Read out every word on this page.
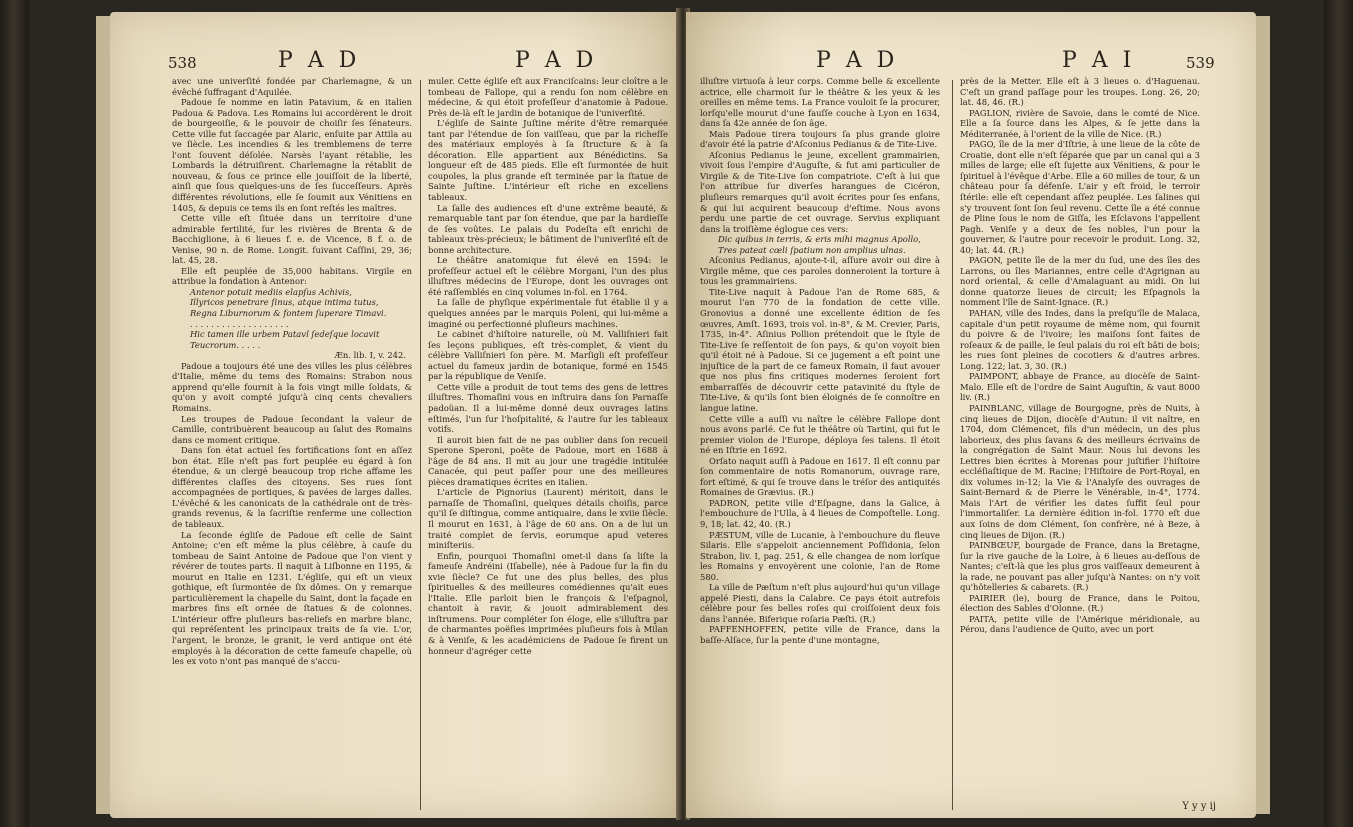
538	P A D	P A D

avec une univerſité fondée par Charlemagne, & un évêché ſuffragant d'Aquilée.

Padoue ſe nomme en latin Patavium, & en italien Padoua & Padova. Les Romains lui accordèrent le droit de bourgeoiſie, & le pouvoir de choiſir ſes ſénateurs. Cette ville fut ſaccagée par Alaric, enſuite par Attila au ve ſiècle. Les incendies & les tremblemens de terre l'ont ſouvent déſolée. Narsès l'ayant rétablie, les Lombards la détruiſirent. Charlemagne la rétablit de nouveau, & ſous ce prince elle jouiſſoit de la liberté, ainſi que ſous quelques-uns de ſes ſucceſſeurs. Après différentes révolutions, elle ſe ſoumit aux Vénitiens en 1405, & depuis ce tems ils en ſont reſtés les maîtres.

Cette ville eſt ſituée dans un territoire d'une admirable fertilité, ſur les rivières de Brenta & de Bacchiglione, à 6 lieues f. e. de Vicence, 8 f. o. de Venise, 90 n. de Rome. Longit. ſuivant Caſſini, 29, 36; lat. 45, 28.

Elle eſt peuplée de 35,000 habitans. Virgile en attribue la fondation à Antenor:

Antenor potuit mediis elapſus Achivis,

Illyricos penetrare ſinus, atque intima tutus,

Regna Liburnorum & fontem ſuperare Timavi.

. . . . . . . . . . . . . . . . . . .

Hic tamen ille urbem Patavî ſedeſque locavit

Teucrorum. . . . .

Æn. lib. I, v. 242.

Padoue a toujours été une des villes les plus célèbres d'Italie, même du tems des Romains: Strabon nous apprend qu'elle fournit à la fois vingt mille ſoldats, & qu'on y avoit compté juſqu'à cinq cents chevaliers Romains.

Les troupes de Padoue ſecondant la valeur de Camille, contribuèrent beaucoup au ſalut des Romains dans ce moment critique.

Dans ſon état actuel ſes fortifications ſont en aſſez bon état. Elle n'eſt pas fort peuplée eu égard à ſon étendue, & un clergé beaucoup trop riche affame les différentes claſſes des citoyens. Ses rues ſont accompagnées de portiques, & pavées de larges dalles. L'évêché & les canonicats de la cathédrale ont de très-grands revenus, & la ſacriſtie renferme une collection de tableaux.

La ſeconde égliſe de Padoue eſt celle de Saint Antoine; c'en eſt même la plus célèbre, à cauſe du tombeau de Saint Antoine de Padoue que l'on vient y révérer de toutes parts. Il naquit à Liſbonne en 1195, & mourut en Italie en 1231. L'égliſe, qui eſt un vieux gothique, eſt ſurmontée de ſix dômes. On y remarque particulièrement la chapelle du Saint, dont la façade en marbres fins eſt ornée de ſtatues & de colonnes. L'intérieur offre pluſieurs bas-reliefs en marbre blanc, qui repréſentent les principaux traits de ſa vie. L'or, l'argent, le bronze, le granit, le verd antique ont été employés à la décoration de cette fameuſe chapelle, où les ex voto n'ont pas manqué de s'accu-

muler. Cette égliſe eſt aux Franciſcains: leur cloître a le tombeau de Fallope, qui a rendu ſon nom célèbre en médecine, & qui étoit profeſſeur d'anatomie à Padoue. Près de-là eſt le jardin de botanique de l'univerſité.

L'égliſe de Sainte Juſtine mérite d'être remarquée tant par l'étendue de ſon vaiſſeau, que par la richeſſe des matériaux employés à ſa ſtructure & à ſa décoration. Elle appartient aux Bénédictins. Sa longueur eſt de 485 pieds. Elle eſt ſurmontée de huit coupoles, la plus grande eſt terminée par la ſtatue de Sainte Juſtine. L'intérieur eſt riche en excellens tableaux.

La ſalle des audiences eſt d'une extrême beauté, & remarquable tant par ſon étendue, que par la hardieſſe de ſes voûtes. Le palais du Podeſta eſt enrichi de tableaux très-précieux; le bâtiment de l'univerſité eſt de bonne architecture.

Le théâtre anatomique fut élevé en 1594: le profeſſeur actuel eſt le célèbre Morgani, l'un des plus illuſtres médecins de l'Europe, dont les ouvrages ont été raſſemblés en cinq volumes in-fol. en 1764.

La ſalle de phyſique expérimentale fut établie il y a quelques années par le marquis Poleni, qui lui-même a imaginé ou perfectionné pluſieurs machines.

Le cabinet d'hiſtoire naturelle, où M. Valliſnieri fait ſes leçons publiques, eſt très-complet, & vient du célèbre Valliſnieri ſon père. M. Marſigli eſt profeſſeur actuel du fameux jardin de botanique, formé en 1545 par la république de Veniſe.

Cette ville a produit de tout tems des gens de lettres illuſtres. Thomaſini vous en inſtruira dans ſon Parnaſſe padoüan. Il a lui-même donné deux ouvrages latins eſtimés, l'un ſur l'hoſpitalité, & l'autre ſur les tableaux votifs.

Il auroit bien fait de ne pas oublier dans ſon recueil Sperone Speroni, poëte de Padoue, mort en 1688 à l'âge de 84 ans. Il mit au jour une tragédie intitulée Canacée, qui peut paſſer pour une des meilleures pièces dramatiques écrites en italien.

L'article de Pignorius (Laurent) méritoit, dans le parnaſſe de Thomaſini, quelques détails choiſis, parce qu'il ſe diſtingua, comme antiquaire, dans le xviie ſiècle. Il mourut en 1631, à l'âge de 60 ans. On a de lui un traité complet de ſervis, eorumque apud veteres miniſteriis.

Enfin, pourquoi Thomaſini omet-il dans ſa liſte la fameuſe Andréini (Iſabelle), née à Padoue ſur la fin du xvie ſiècle? Ce fut une des plus belles, des plus ſpirituelles & des meilleures comédiennes qu'ait eues l'Italie. Elle parloit bien le françois & l'eſpagnol, chantoit à ravir, & jouoit admirablement des inſtrumens. Pour compléter ſon éloge, elle s'illuſtra par de charmantes poëſies imprimées pluſieurs fois à Milan & à Veniſe, & les académiciens de Padoue ſe firent un honneur d'agréger cette

P A D	P A I	539

illuſtre virtuoſa à leur corps. Comme belle & excellente actrice, elle charmoit ſur le théâtre & les yeux & les oreilles en même tems. La France vouloit ſe la procurer, lorſqu'elle mourut d'une fauſſe couche à Lyon en 1634, dans ſa 42e année de ſon âge.

Mais Padoue tirera toujours ſa plus grande gloire d'avoir été la patrie d'Aſconius Pedianus & de Tite-Live.

Aſconius Pedianus le jeune, excellent grammairien, vivoit ſous l'empire d'Auguſte, & fut ami particulier de Virgile & de Tite-Live ſon compatriote. C'eſt à lui que l'on attribue ſur diverſes harangues de Cicéron, pluſieurs remarques qu'il avoit écrites pour ſes enfans, & qui lui acquirent beaucoup d'eſtime. Nous avons perdu une partie de cet ouvrage. Servius expliquant dans la troiſième églogue ces vers:

Dic quibus in terris, & eris mihi magnus Apollo,

Tres pateat cœli ſpatium non amplius ulnas.

Aſconius Pedianus, ajoute-t-il, aſſure avoir oui dire à Virgile même, que ces paroles donneroient la torture à tous les grammairiens.

Tite-Live naquit à Padoue l'an de Rome 685, & mourut l'an 770 de la fondation de cette ville. Gronovius a donné une excellente édition de ſes œuvres, Amſt. 1693, trois vol. in-8°, & M. Crevier, Paris, 1735, in-4°. Aſinius Pollion prétendoit que le ſtyle de Tite-Live ſe reſſentoit de ſon pays, & qu'on voyoit bien qu'il étoit né à Padoue. Si ce jugement a eſt point une injuſtice de la part de ce fameux Romain, il faut avouer que nos plus fins critiques modernes ſeroient fort embarraſſés de découvrir cette patavinité du ſtyle de Tite-Live, & qu'ils ſont bien éloignés de ſe connoître en langue latine.

Cette ville a auſſi vu naître le célèbre Fallope dont nous avons parlé. Ce fut le théâtre où Tartini, qui fut le premier violon de l'Europe, déploya ſes talens. Il étoit né en Iſtrie en 1692.

Orſato naquit auſſi à Padoue en 1617. Il eſt connu par ſon commentaire de notis Romanorum, ouvrage rare, fort eſtimé, & qui ſe trouve dans le tréſor des antiquités Romaines de Grævius. (R.)

PADRON, petite ville d'Eſpagne, dans la Galice, à l'embouchure de l'Ulla, à 4 lieues de Compoſtelle. Long. 9, 18; lat. 42, 40. (R.)

PÆSTUM, ville de Lucanie, à l'embouchure du fleuve Silaris. Elle s'appeloit anciennement Poſſidonia, ſelon Strabon, liv. I, pag. 251, & elle changea de nom lorſque les Romains y envoyèrent une colonie, l'an de Rome 580.

La ville de Pæſtum n'eſt plus aujourd'hui qu'un village appelé Piesti, dans la Calabre. Ce pays étoit autrefois célèbre pour ſes belles roſes qui croiſſoient deux fois dans l'année. Biferique roſaria Pæſti. (R.)

PAFFENHOFFEN, petite ville de France, dans la baſſe-Alſace, ſur la pente d'une montagne,

près de la Metter. Elle eſt à 3 lieues o. d'Haguenau. C'eſt un grand paſſage pour les troupes. Long. 26, 20; lat. 48, 46. (R.)

PAGLION, rivière de Savoie, dans le comté de Nice. Elle a ſa ſource dans les Alpes, & ſe jette dans la Méditerranée, à l'orient de la ville de Nice. (R.)

PAGO, île de la mer d'Iſtrie, à une lieue de la côte de Croatie, dont elle n'eſt ſéparée que par un canal qui a 3 milles de large; elle eſt ſujette aux Vénitiens, & pour le ſpirituel à l'évêque d'Arbe. Elle a 60 milles de tour, & un château pour ſa défenſe. L'air y eſt froid, le terroir ſtérile: elle eſt cependant aſſez peuplée. Les ſalines qui s'y trouvent ſont ſon ſeul revenu. Cette île a été connue de Pline ſous le nom de Giſſa, les Eſclavons l'appellent Pagh. Veniſe y a deux de ſes nobles, l'un pour la gouverner, & l'autre pour recevoir le produit. Long. 32, 40; lat. 44. (R.)

PAGON, petite île de la mer du ſud, une des îles des Larrons, ou îles Mariannes, entre celle d'Agrignan au nord oriental, & celle d'Amalaguant au midi. On lui donne quatorze lieues de circuit; les Eſpagnols la nomment l'île de Saint-Ignace. (R.)

PAHAN, ville des Indes, dans la preſqu'île de Malaca, capitale d'un petit royaume de même nom, qui fournit du poivre & de l'ivoire; les maiſons ſont faites de roſeaux & de paille, le ſeul palais du roi eſt bâti de bois; les rues ſont pleines de cocotiers & d'autres arbres. Long. 122; lat. 3, 30. (R.)

PAIMPONT, abbaye de France, au diocèſe de Saint-Malo. Elle eſt de l'ordre de Saint Auguſtin, & vaut 8000 liv. (R.)

PAINBLANC, village de Bourgogne, près de Nuits, à cinq lieues de Dijon, diocèſe d'Autun: il vit naître, en 1704, dom Clémencet, fils d'un médecin, un des plus laborieux, des plus ſavans & des meilleurs écrivains de la congrégation de Saint Maur. Nous lui devons les Lettres bien écrites à Morenas pour juſtifier l'hiſtoire eccléſiaſtique de M. Racine; l'Hiſtoire de Port-Royal, en dix volumes in-12; la Vie & l'Analyſe des ouvrages de Saint-Bernard & de Pierre le Vénérable, in-4°, 1774. Mais l'Art de vérifier les dates ſuffit ſeul pour l'immortaliſer. La dernière édition in-fol. 1770 eſt due aux ſoins de dom Clément, ſon confrère, né à Beze, à cinq lieues de Dijon. (R.)

PAINBŒUF, bourgade de France, dans la Bretagne, ſur la rive gauche de la Loire, à 6 lieues au-deſſous de Nantes; c'eſt-là que les plus gros vaiſſeaux demeurent à la rade, ne pouvant pas aller juſqu'à Nantes: on n'y voit qu'hôtelleries & cabarets. (R.)

PAIRIER (le), bourg de France, dans le Poitou, élection des Sables d'Olonne. (R.)

PAITA, petite ville de l'Amérique méridionale, au Pérou, dans l'audience de Quito, avec un port

Y y y ij
